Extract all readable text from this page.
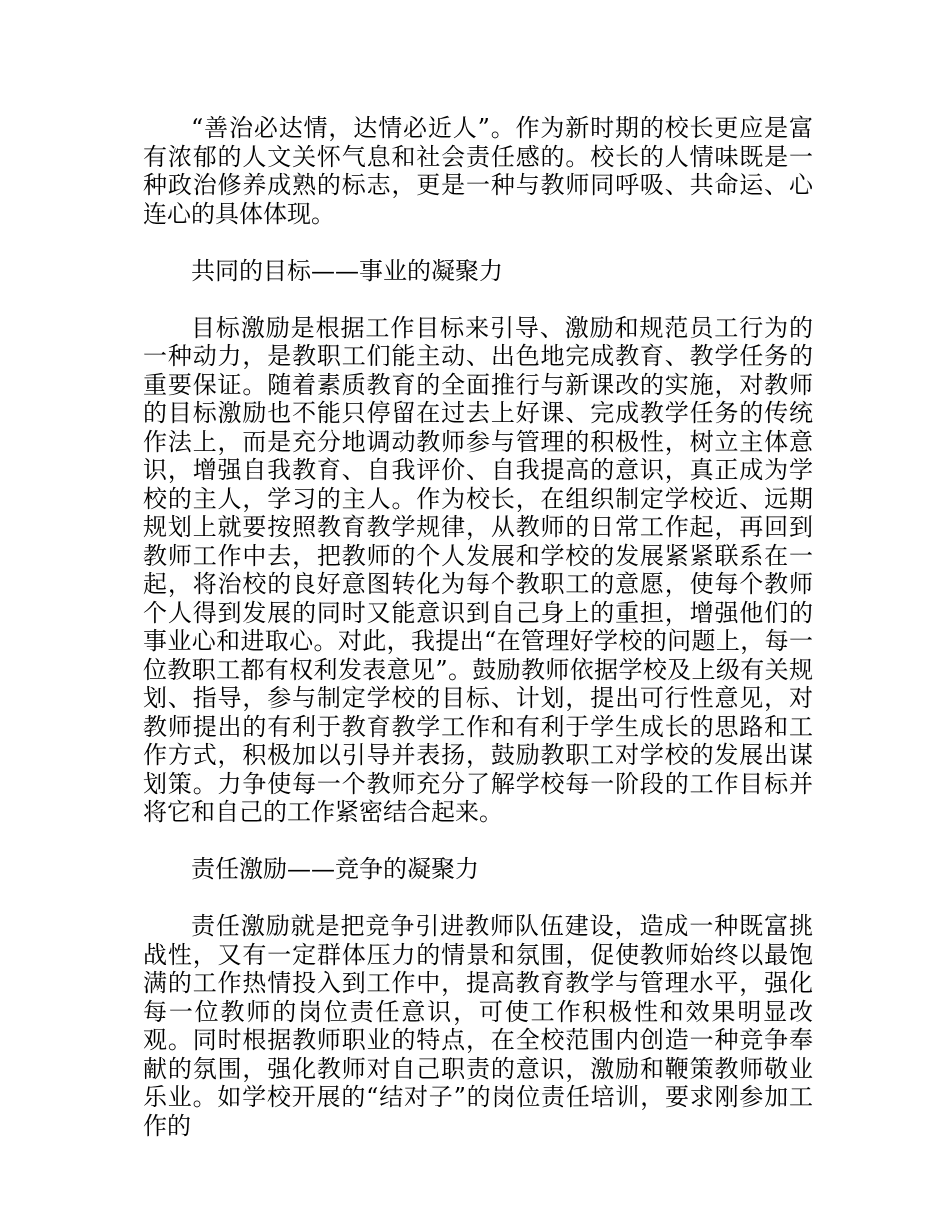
“善治必达情，达情必近人”。作为新时期的校长更应是富有浓郁的人文关怀气息和社会责任感的。校长的人情味既是一种政治修养成熟的标志，更是一种与教师同呼吸、共命运、心连心的具体体现。

共同的目标——事业的凝聚力

目标激励是根据工作目标来引导、激励和规范员工行为的一种动力，是教职工们能主动、出色地完成教育、教学任务的重要保证。随着素质教育的全面推行与新课改的实施，对教师的目标激励也不能只停留在过去上好课、完成教学任务的传统作法上，而是充分地调动教师参与管理的积极性，树立主体意识，增强自我教育、自我评价、自我提高的意识，真正成为学校的主人，学习的主人。作为校长，在组织制定学校近、远期规划上就要按照教育教学规律，从教师的日常工作起，再回到教师工作中去，把教师的个人发展和学校的发展紧紧联系在一起，将治校的良好意图转化为每个教职工的意愿，使每个教师个人得到发展的同时又能意识到自己身上的重担，增强他们的事业心和进取心。对此，我提出“在管理好学校的问题上，每一位教职工都有权利发表意见”。鼓励教师依据学校及上级有关规划、指导，参与制定学校的目标、计划，提出可行性意见，对教师提出的有利于教育教学工作和有利于学生成长的思路和工作方式，积极加以引导并表扬，鼓励教职工对学校的发展出谋划策。力争使每一个教师充分了解学校每一阶段的工作目标并将它和自己的工作紧密结合起来。

责任激励——竞争的凝聚力

责任激励就是把竞争引进教师队伍建设，造成一种既富挑战性，又有一定群体压力的情景和氛围，促使教师始终以最饱满的工作热情投入到工作中，提高教育教学与管理水平，强化每一位教师的岗位责任意识，可使工作积极性和效果明显改观。同时根据教师职业的特点，在全校范围内创造一种竞争奉献的氛围，强化教师对自己职责的意识，激励和鞭策教师敬业乐业。如学校开展的“结对子”的岗位责任培训，要求刚参加工作的
